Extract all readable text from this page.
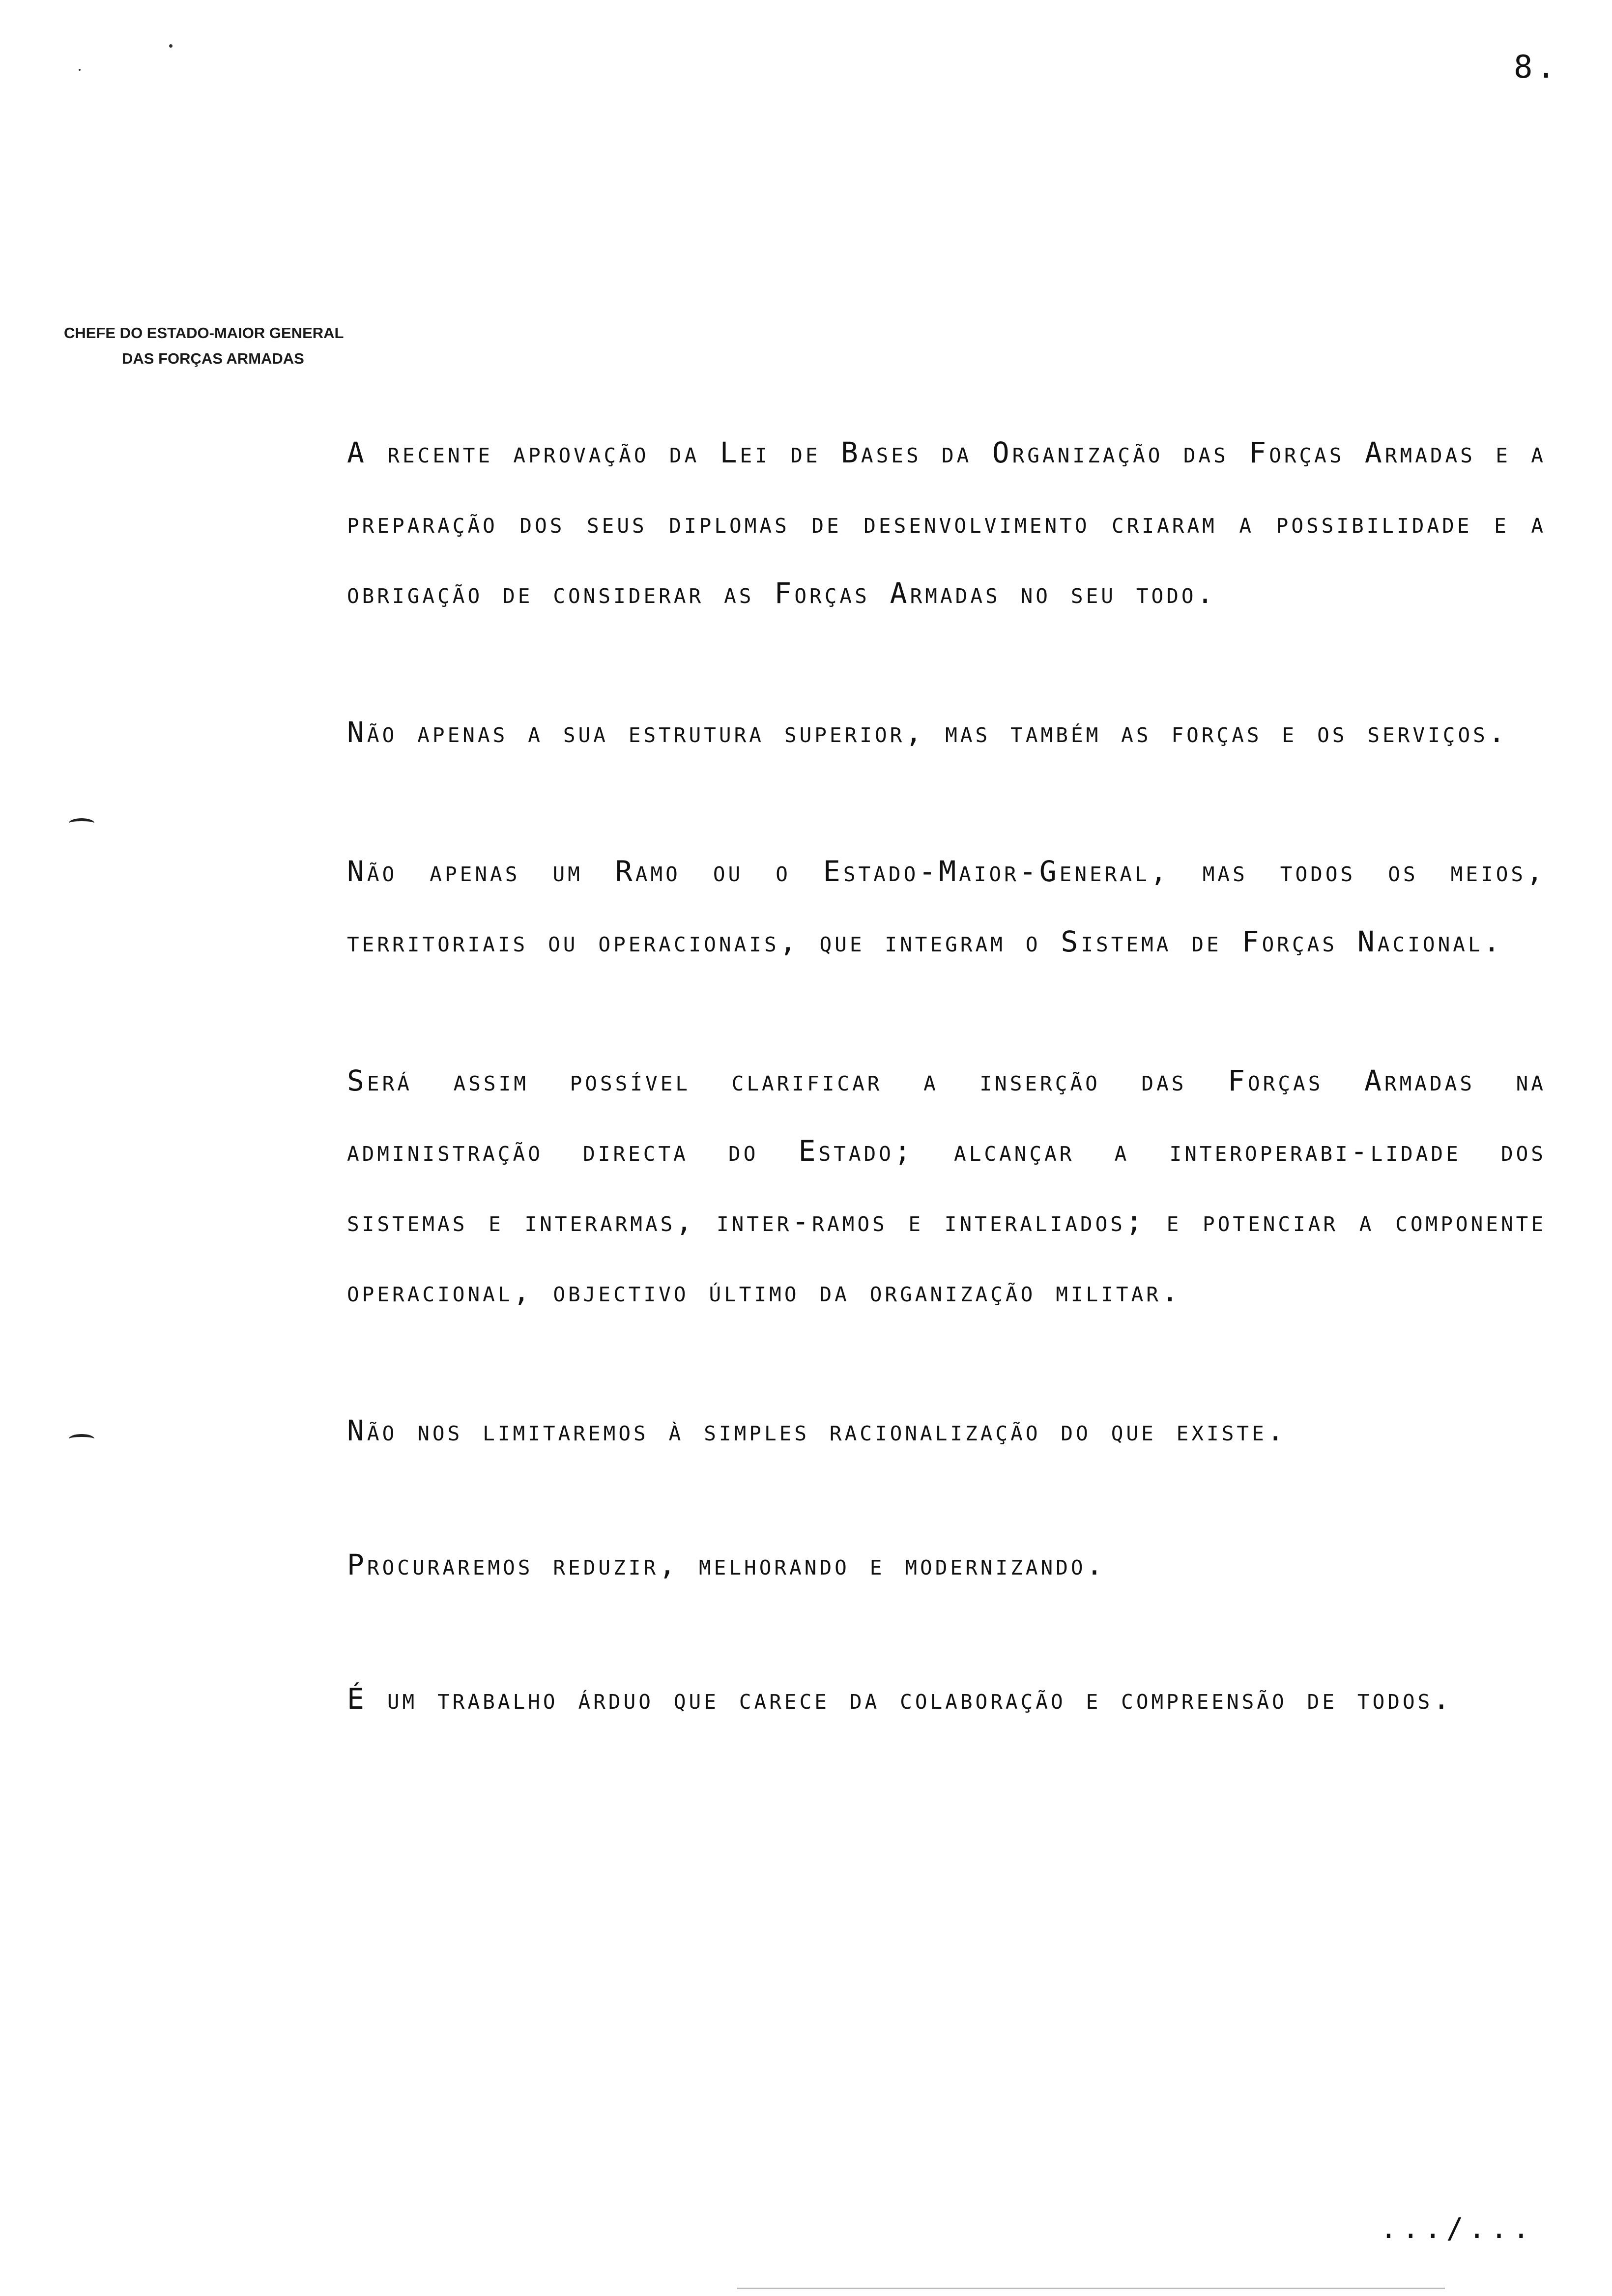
8.
CHEFE DO ESTADO-MAIOR GENERAL
DAS FORÇAS ARMADAS

A recente aprovação da Lei de Bases da Organização das Forças Armadas e a preparação dos seus diplomas de desenvolvimento criaram a possibilidade e a obrigação de considerar as Forças Armadas no seu todo.

Não apenas a sua estrutura superior, mas também as forças e os serviços.

Não apenas um Ramo ou o Estado-Maior-General, mas todos os meios, territoriais ou operacionais, que integram o Sistema de Forças Nacional.

Será assim possível clarificar a inserção das Forças Armadas na administração directa do Estado; alcançar a interoperabi-lidade dos sistemas e interarmas, inter-ramos e interaliados; e potenciar a componente operacional, objectivo último da organização militar.

Não nos limitaremos à simples racionalização do que existe.

Procuraremos reduzir, melhorando e modernizando.

É um trabalho árduo que carece da colaboração e compreensão de todos.

.../...
